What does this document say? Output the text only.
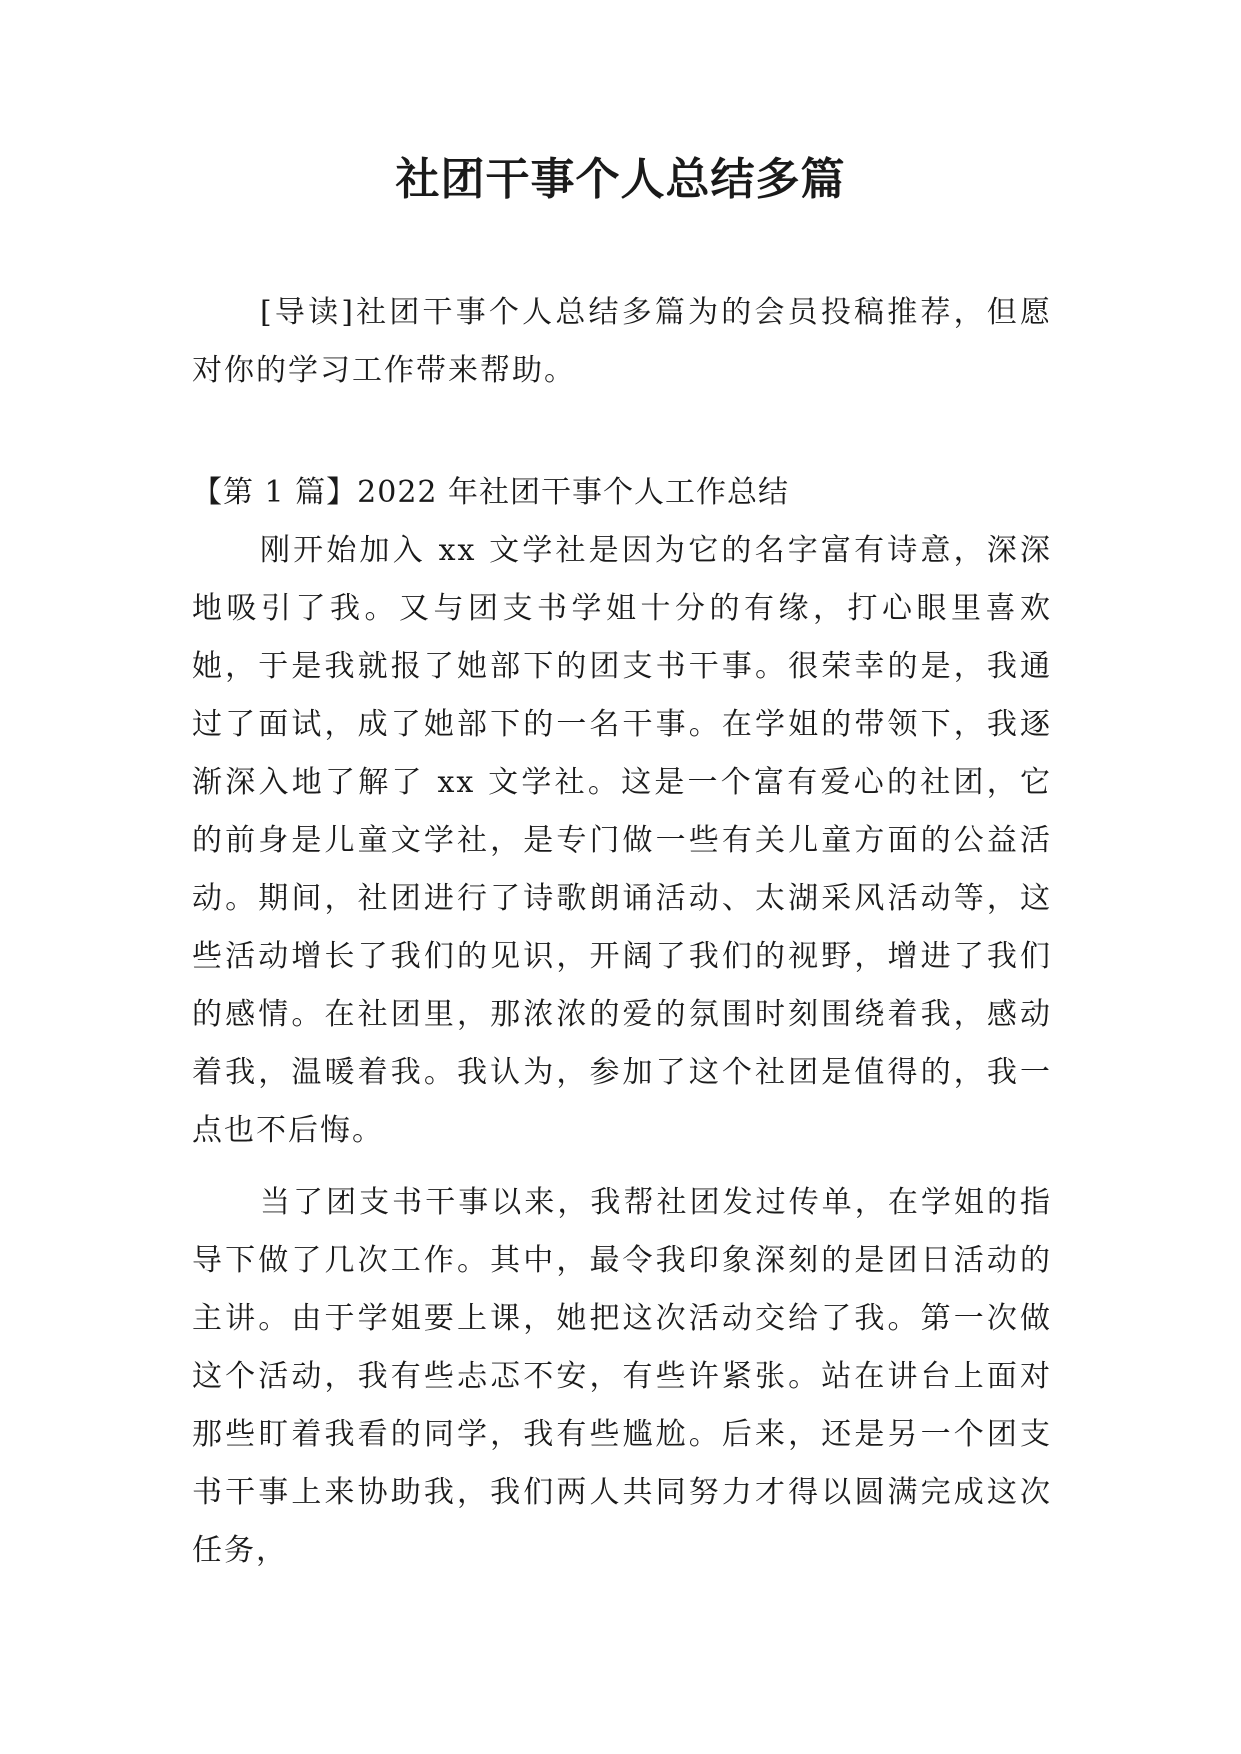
社团干事个人总结多篇
[导读]社团干事个人总结多篇为的会员投稿推荐，但愿对你的学习工作带来帮助。
【第 1 篇】2022 年社团干事个人工作总结
刚开始加入 xx 文学社是因为它的名字富有诗意，深深地吸引了我。又与团支书学姐十分的有缘，打心眼里喜欢她，于是我就报了她部下的团支书干事。很荣幸的是，我通过了面试，成了她部下的一名干事。在学姐的带领下，我逐渐深入地了解了 xx 文学社。这是一个富有爱心的社团，它的前身是儿童文学社，是专门做一些有关儿童方面的公益活动。期间，社团进行了诗歌朗诵活动、太湖采风活动等，这些活动增长了我们的见识，开阔了我们的视野，增进了我们的感情。在社团里，那浓浓的爱的氛围时刻围绕着我，感动着我，温暖着我。我认为，参加了这个社团是值得的，我一点也不后悔。
当了团支书干事以来，我帮社团发过传单，在学姐的指导下做了几次工作。其中，最令我印象深刻的是团日活动的主讲。由于学姐要上课，她把这次活动交给了我。第一次做这个活动，我有些忐忑不安，有些许紧张。站在讲台上面对那些盯着我看的同学，我有些尴尬。后来，还是另一个团支书干事上来协助我，我们两人共同努力才得以圆满完成这次任务，
